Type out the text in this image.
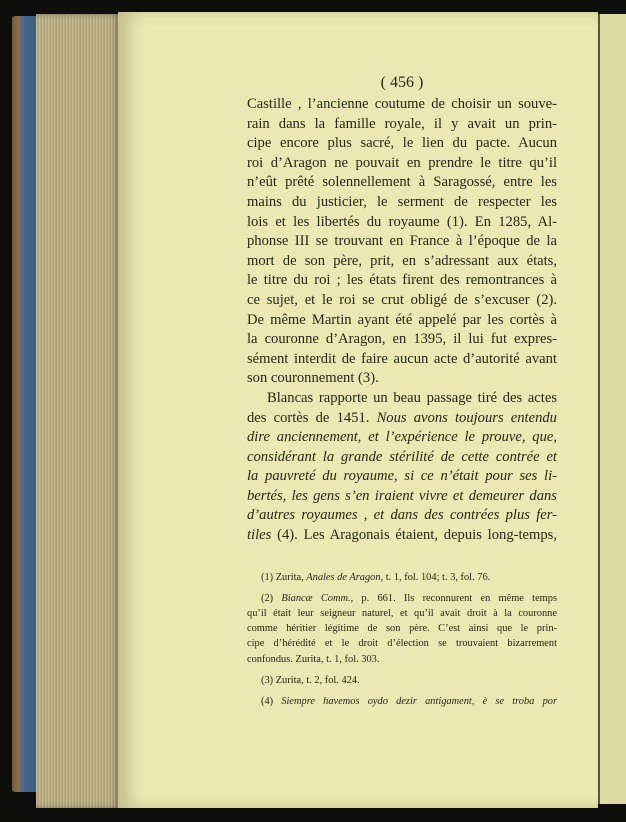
( 456 )
Castille , l’ancienne coutume de choisir un souve-
rain dans la famille royale, il y avait un prin-
cipe encore plus sacré, le lien du pacte. Aucun
roi d’Aragon ne pouvait en prendre le titre qu’il
n’eût prêté solennellement à Saragossé, entre les
mains du justicier, le serment de respecter les
lois et les libertés du royaume (1). En 1285, Al-
phonse III se trouvant en France à l’époque de la
mort de son père, prit, en s’adressant aux états,
le titre du roi ; les états firent des remontrances à
ce sujet, et le roi se crut obligé de s’excuser (2).
De même Martin ayant été appelé par les cortès à
la couronne d’Aragon, en 1395, il lui fut expres-
sément interdit de faire aucun acte d’autorité avant
son couronnement (3).
Blancas rapporte un beau passage tiré des actes
des cortès de 1451. Nous avons toujours entendu
dire anciennement, et l’expérience le prouve, que,
considérant la grande stérilité de cette contrée et
la pauvreté du royaume, si ce n’était pour ses li-
bertés, les gens s’en iraient vivre et demeurer dans
d’autres royaumes , et dans des contrées plus fer-
tiles (4). Les Aragonais étaient, depuis long-temps,
(1) Zurita, Anales de Aragon, t. 1, fol. 104; t. 3, fol. 76.
(2) Biancæ Comm., p. 661. Ils reconnurent en même temps
qu’il était leur seigneur naturel, et qu’il avait droit à la couronne
comme héritier légitime de son père. C’est ainsi que le prin-
cipe d’hérédité et le droit d’élection se trouvaient bizarrement
confondus. Zurita, t. 1, fol. 303.
(3) Zurita, t. 2, fol. 424.
(4) Siempre havemos oydo dezir antigament, è se troba por
